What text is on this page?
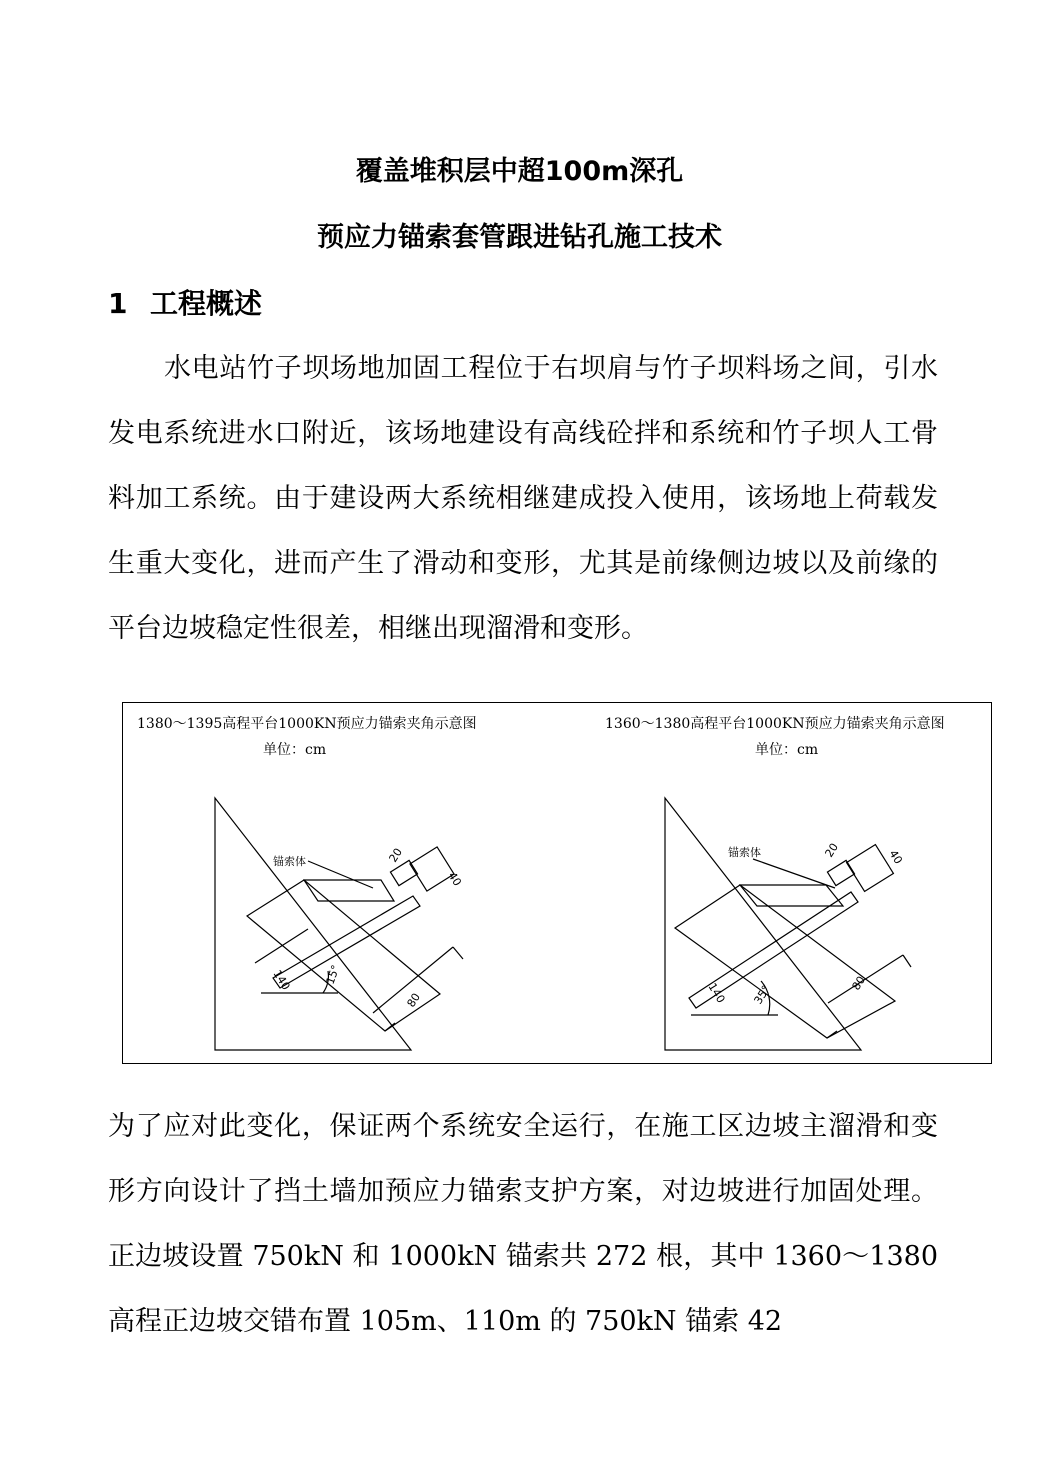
覆盖堆积层中超100m深孔
预应力锚索套管跟进钻孔施工技术
1 工程概述
水电站竹子坝场地加固工程位于右坝肩与竹子坝料场之间，引水发电系统进水口附近，该场地建设有高线砼拌和系统和竹子坝人工骨料加工系统。由于建设两大系统相继建成投入使用，该场地上荷载发生重大变化，进而产生了滑动和变形，尤其是前缘侧边坡以及前缘的平台边坡稳定性很差，相继出现溜滑和变形。
1380～1395高程平台1000KN预应力锚索夹角示意图
单位：cm
1360～1380高程平台1000KN预应力锚索夹角示意图
单位：cm
锚索体	20
40
140
80
15°
锚索体	20	40
140	80
35°
为了应对此变化，保证两个系统安全运行，在施工区边坡主溜滑和变形方向设计了挡土墙加预应力锚索支护方案，对边坡进行加固处理。正边坡设置 750kN 和 1000kN 锚索共 272 根，其中 1360～1380 高程正边坡交错布置 105m、110m 的 750kN 锚索 42
